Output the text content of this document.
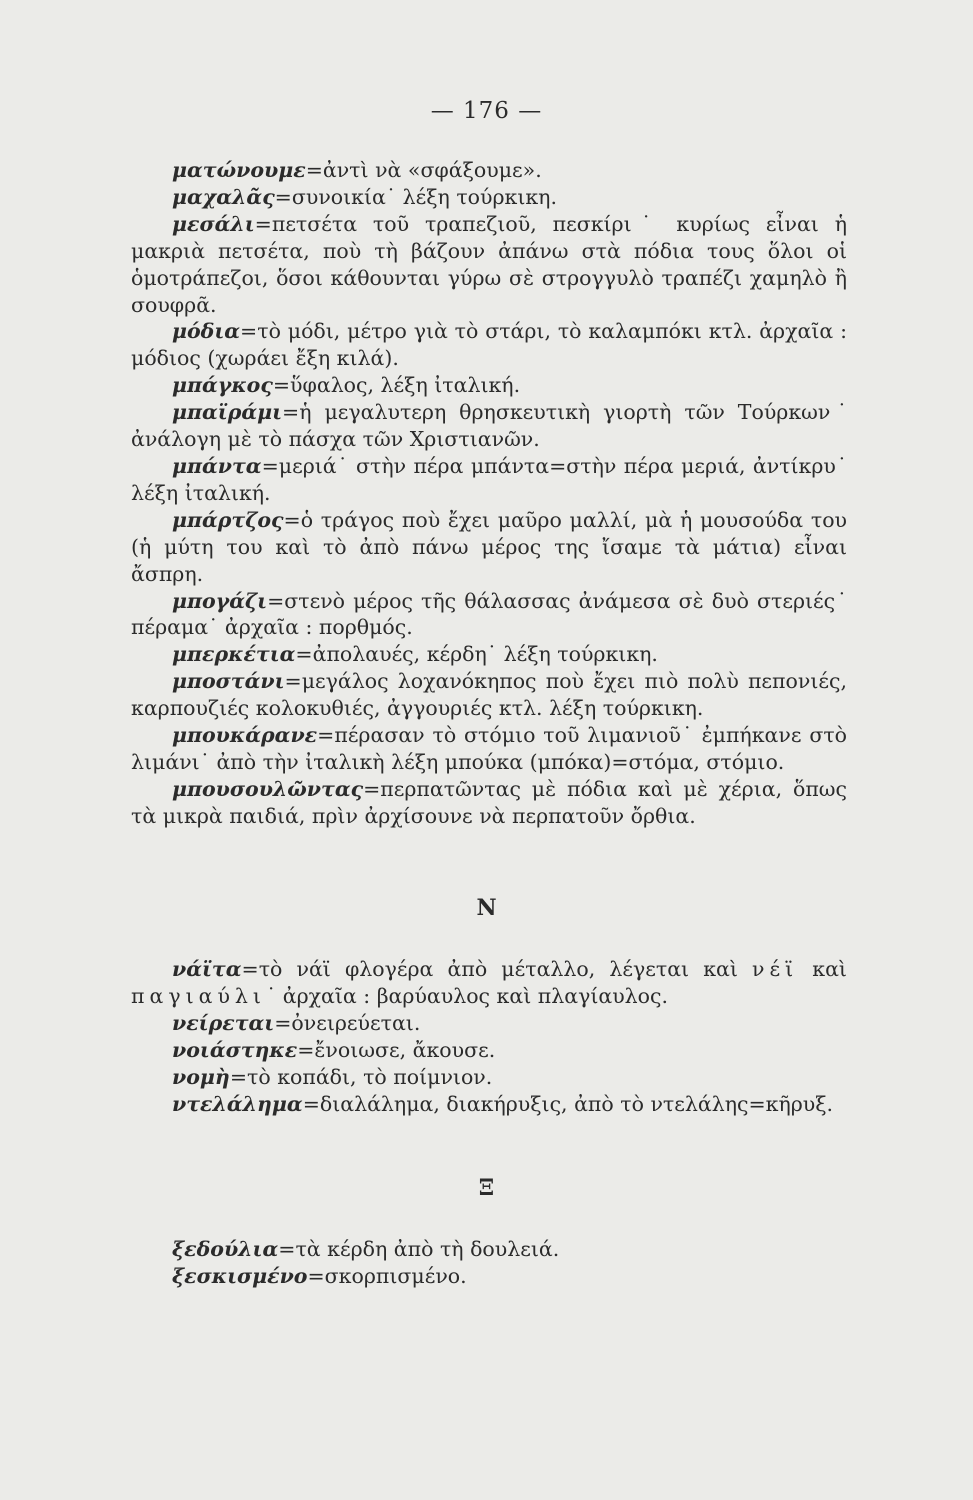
— 176 —

ματώνουμε=ἀντὶ νὰ «σφάξουμε».

μαχαλᾶς=συνοικία˙ λέξη τούρκικη.

μεσάλι=πετσέτα τοῦ τραπεζιοῦ, πεσκίρι˙ κυρίως εἶναι ἡ μακριὰ πετσέτα, ποὺ τὴ βάζουν ἀπάνω στὰ πόδια τους ὅλοι οἱ ὁμοτράπεζοι, ὅσοι κάθουνται γύρω σὲ στρογγυλὸ τραπέζι χαμηλὸ ἢ σουφρᾶ.

μόδια=τὸ μόδι, μέτρο γιὰ τὸ στάρι, τὸ καλαμπόκι κτλ. ἀρχαῖα : μόδιος (χωράει ἔξη κιλά).

μπάγκος=ὕφαλος, λέξη ἰταλική.

μπαϊράμι=ἡ μεγαλυτερη θρησκευτικὴ γιορτὴ τῶν Τούρκων˙ ἀνάλογη μὲ τὸ πάσχα τῶν Χριστιανῶν.

μπάντα=μεριά˙ στὴν πέρα μπάντα=στὴν πέρα μεριά, ἀντίκρυ˙ λέξη ἰταλική.

μπάρτζος=ὁ τράγος ποὺ ἔχει μαῦρο μαλλί, μὰ ἡ μουσούδα του (ἡ μύτη του καὶ τὸ ἀπὸ πάνω μέρος της ἴσαμε τὰ μάτια) εἶναι ἄσπρη.

μπογάζι=στενὸ μέρος τῆς θάλασσας ἀνάμεσα σὲ δυὸ στεριές˙ πέραμα˙ ἀρχαῖα : πορθμός.

μπερκέτια=ἀπολαυές, κέρδη˙ λέξη τούρκικη.

μποστάνι=μεγάλος λοχανόκηπος ποὺ ἔχει πιὸ πολὺ πεπονιές, καρπουζιές κολοκυθιές, ἀγγουριές κτλ. λέξη τούρκικη.

μπουκάρανε=πέρασαν τὸ στόμιο τοῦ λιμανιοῦ˙ ἐμπήκανε στὸ λιμάνι˙ ἀπὸ τὴν ἰταλικὴ λέξη μπούκα (μπόκα)=στόμα, στόμιο.

μπουσουλῶντας=περπατῶντας μὲ πόδια καὶ μὲ χέρια, ὅπως τὰ μικρὰ παιδιά, πρὶν ἀρχίσουνε νὰ περπατοῦν ὄρθια.

Ν

νάϊτα=τὸ νάϊ φλογέρα ἀπὸ μέταλλο, λέγεται καὶ νέϊ καὶ παγιαύλι˙ ἀρχαῖα : βαρύαυλος καὶ πλαγίαυλος.

νείρεται=ὀνειρεύεται.

νοιάστηκε=ἔνοιωσε, ἄκουσε.

νομὴ=τὸ κοπάδι, τὸ ποίμνιον.

ντελάλημα=διαλάλημα, διακήρυξις, ἀπὸ τὸ ντελάλης=κῆρυξ.

Ξ

ξεδούλια=τὰ κέρδη ἀπὸ τὴ δουλειά.

ξεσκισμένο=σκορπισμένο.
